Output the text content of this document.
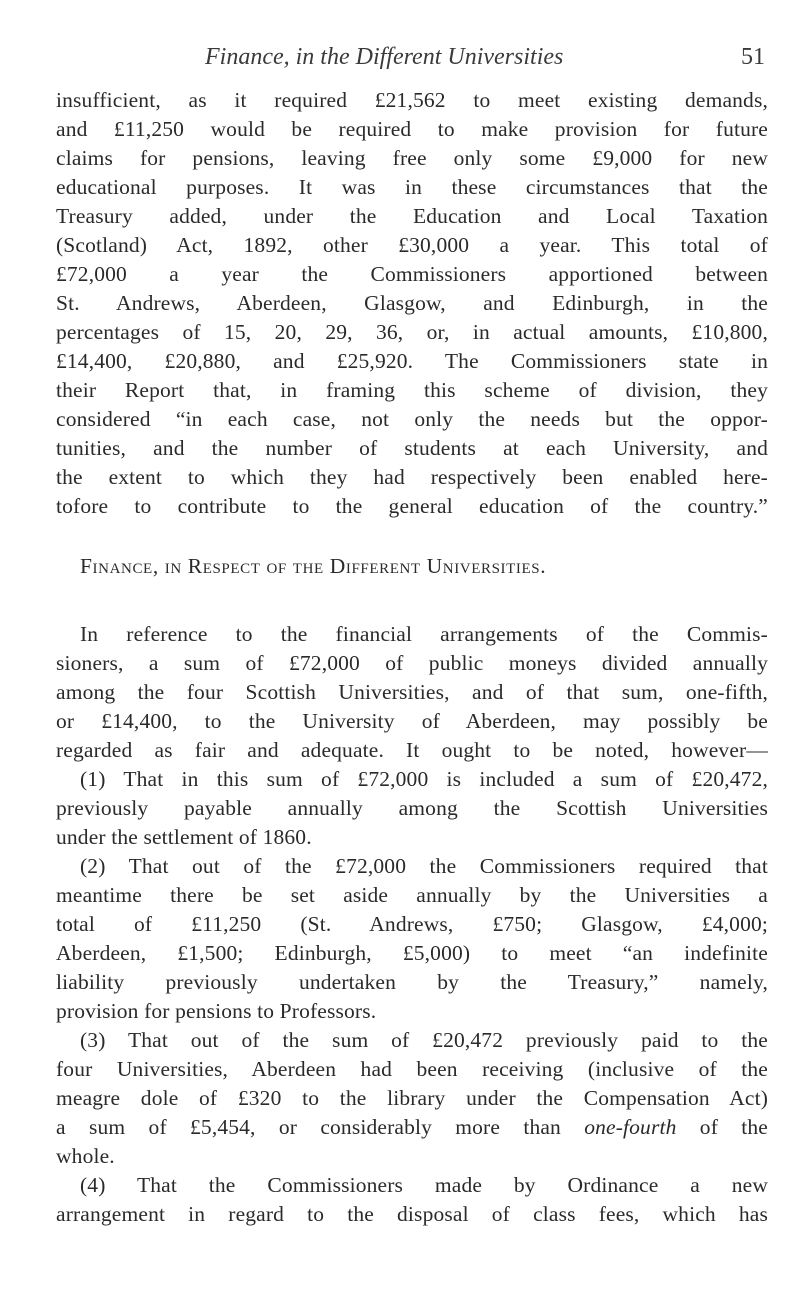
Finance, in the Different Universities	51
insufficient, as it required £21,562 to meet existing demands,
and £11,250 would be required to make provision for future
claims for pensions, leaving free only some £9,000 for new
educational purposes. It was in these circumstances that the
Treasury added, under the Education and Local Taxation
(Scotland) Act, 1892, other £30,000 a year. This total of
£72,000 a year the Commissioners apportioned between
St. Andrews, Aberdeen, Glasgow, and Edinburgh, in the
percentages of 15, 20, 29, 36, or, in actual amounts, £10,800,
£14,400, £20,880, and £25,920. The Commissioners state in
their Report that, in framing this scheme of division, they
considered “in each case, not only the needs but the oppor-
tunities, and the number of students at each University, and
the extent to which they had respectively been enabled here-
tofore to contribute to the general education of the country.”
Finance, in Respect of the Different Universities.
In reference to the financial arrangements of the Commis-
sioners, a sum of £72,000 of public moneys divided annually
among the four Scottish Universities, and of that sum, one-fifth,
or £14,400, to the University of Aberdeen, may possibly be
regarded as fair and adequate. It ought to be noted, however—
(1) That in this sum of £72,000 is included a sum of £20,472,
previously payable annually among the Scottish Universities
under the settlement of 1860.
(2) That out of the £72,000 the Commissioners required that
meantime there be set aside annually by the Universities a
total of £11,250 (St. Andrews, £750; Glasgow, £4,000;
Aberdeen, £1,500; Edinburgh, £5,000) to meet “an indefinite
liability previously undertaken by the Treasury,” namely,
provision for pensions to Professors.
(3) That out of the sum of £20,472 previously paid to the
four Universities, Aberdeen had been receiving (inclusive of the
meagre dole of £320 to the library under the Compensation Act)
a sum of £5,454, or considerably more than one-fourth of the
whole.
(4) That the Commissioners made by Ordinance a new
arrangement in regard to the disposal of class fees, which has
